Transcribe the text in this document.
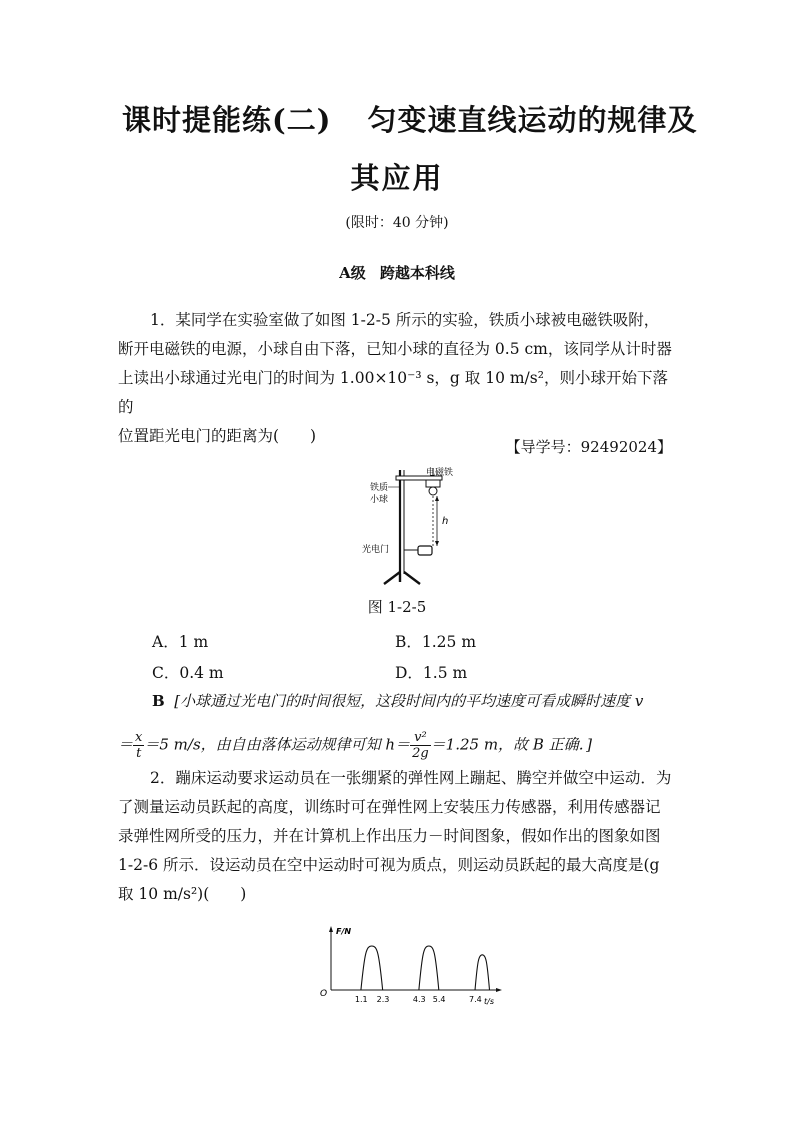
课时提能练(二) 匀变速直线运动的规律及
其应用
(限时：40 分钟)
A级 跨越本科线
1．某同学在实验室做了如图 1-2-5 所示的实验，铁质小球被电磁铁吸附，
断开电磁铁的电源，小球自由下落，已知小球的直径为 0.5 cm，该同学从计时器
上读出小球通过光电门的时间为 1.00×10⁻³ s，g 取 10 m/s²，则小球开始下落的
位置距光电门的距离为(　　)
【导学号：92492024】
h
电磁铁
铁质
小球
光电门
图 1-2-5
A．1 m	B．1.25 m
C．0.4 m	D．1.5 m
B [小球通过光电门的时间很短，这段时间内的平均速度可看成瞬时速度 v
＝ $\frac{x}{t} =5$ m/s，由自由落体运动规律可知 $h= \frac{\text{v²}}{2g} =1.25$ m，故 B 正确．]
2．蹦床运动要求运动员在一张绷紧的弹性网上蹦起、腾空并做空中运动．为
了测量运动员跃起的高度，训练时可在弹性网上安装压力传感器，利用传感器记
录弹性网所受的压力，并在计算机上作出压力－时间图象，假如作出的图象如图
1-2-6 所示．设运动员在空中运动时可视为质点，则运动员跃起的最大高度是(g
取 10 m/s²)(　　)
F/N
O
t/s
1.1 2.3	4.3 5.4	7.4
